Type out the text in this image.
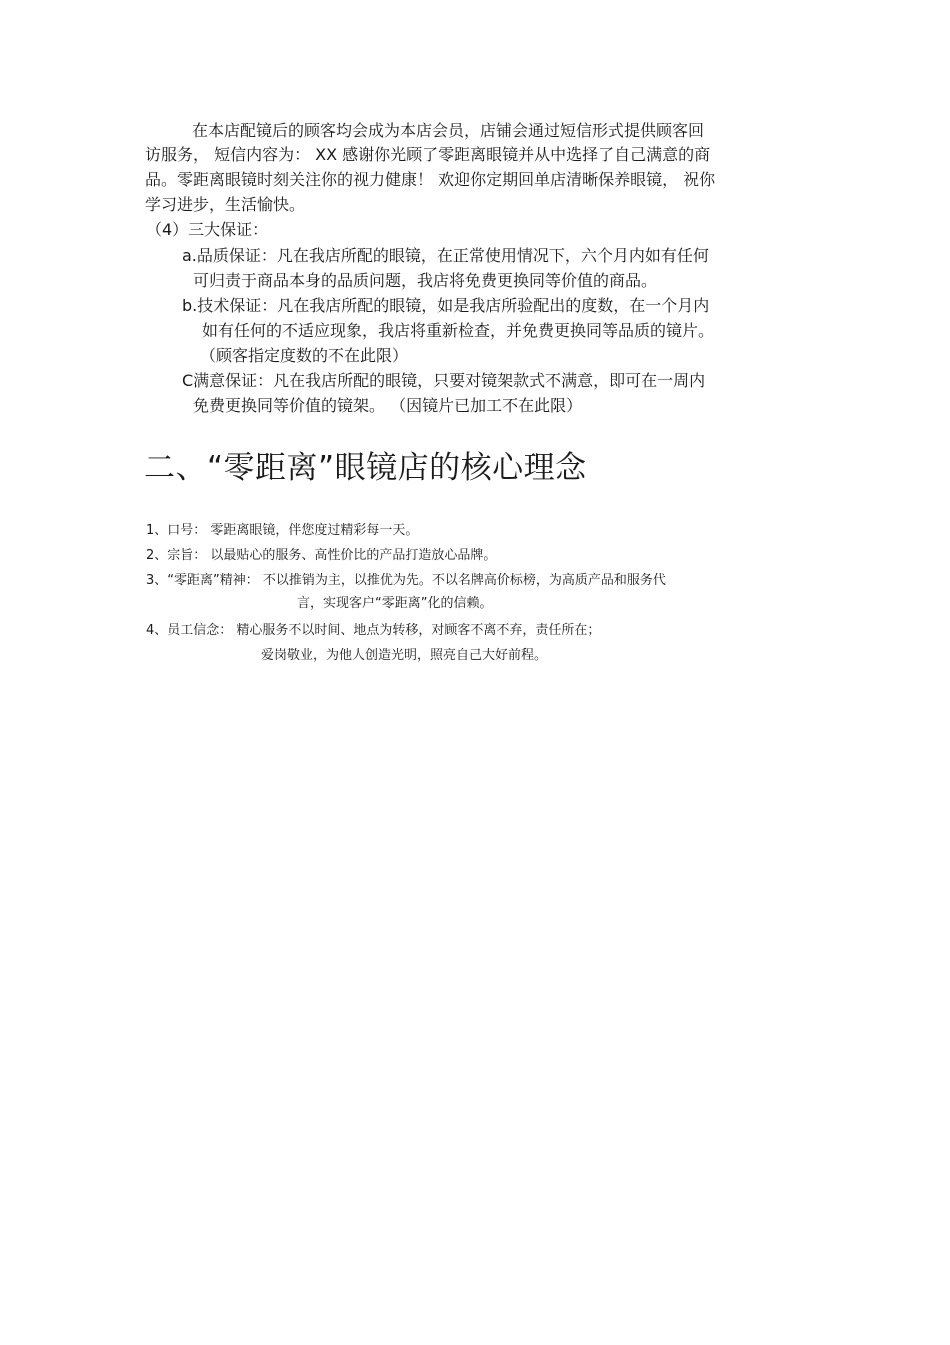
在本店配镜后的顾客均会成为本店会员，店铺会通过短信形式提供顾客回
访服务， 短信内容为： XX 感谢你光顾了零距离眼镜并从中选择了自己满意的商
品。零距离眼镜时刻关注你的视力健康！ 欢迎你定期回单店清晰保养眼镜， 祝你
学习进步，生活愉快。
（4）三大保证：
a.品质保证：凡在我店所配的眼镜，在正常使用情况下，六个月内如有任何
可归责于商品本身的品质问题，我店将免费更换同等价值的商品。
b.技术保证：凡在我店所配的眼镜，如是我店所验配出的度数，在一个月内
如有任何的不适应现象，我店将重新检查，并免费更换同等品质的镜片。
（顾客指定度数的不在此限）
C满意保证：凡在我店所配的眼镜，只要对镜架款式不满意，即可在一周内
免费更换同等价值的镜架。 （因镜片已加工不在此限）
二、“零距离”眼镜店的核心理念
1、口号： 零距离眼镜，伴您度过精彩每一天。
2、宗旨： 以最贴心的服务、高性价比的产品打造放心品牌。
3、“零距离”精神： 不以推销为主，以推优为先。不以名牌高价标榜，为高质产品和服务代
言，实现客户“零距离”化的信赖。
4、员工信念： 精心服务不以时间、地点为转移，对顾客不离不弃，责任所在；
爱岗敬业，为他人创造光明，照亮自己大好前程。
